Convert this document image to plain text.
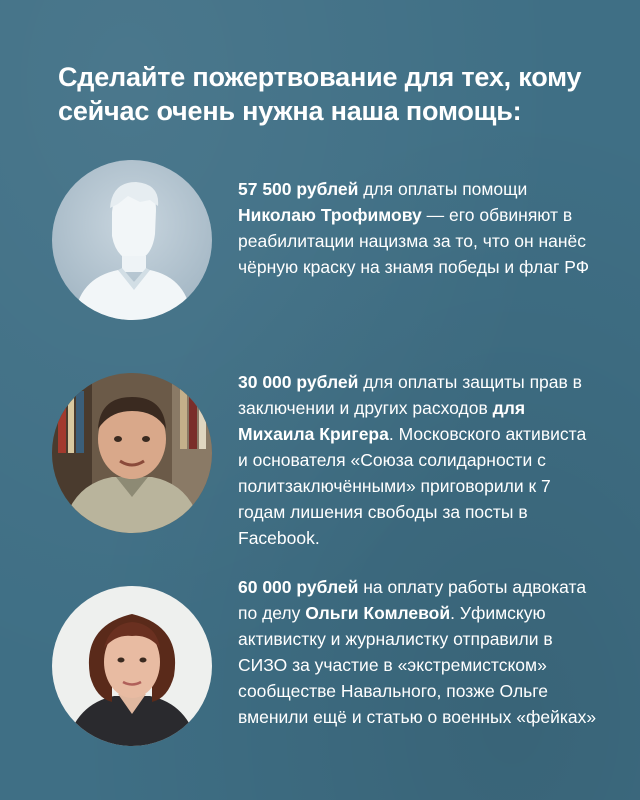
Сделайте пожертвование для тех, кому сейчас очень нужна наша помощь:
57 500 рублей для оплаты помощи Николаю Трофимову — его обвиняют в реабилитации нацизма за то, что он нанёс чёрную краску на знамя победы и флаг РФ
30 000 рублей для оплаты защиты прав в заключении и других расходов для Михаила Кригера. Московского активиста и основателя «Союза солидарности с политзаключёнными» приговорили к 7 годам лишения свободы за посты в Facebook.
60 000 рублей на оплату работы адвоката по делу Ольги Комлевой. Уфимскую активистку и журналистку отправили в СИЗО за участие в «экстремистском» сообществе Навального, позже Ольге вменили ещё и статью о военных «фейках»
